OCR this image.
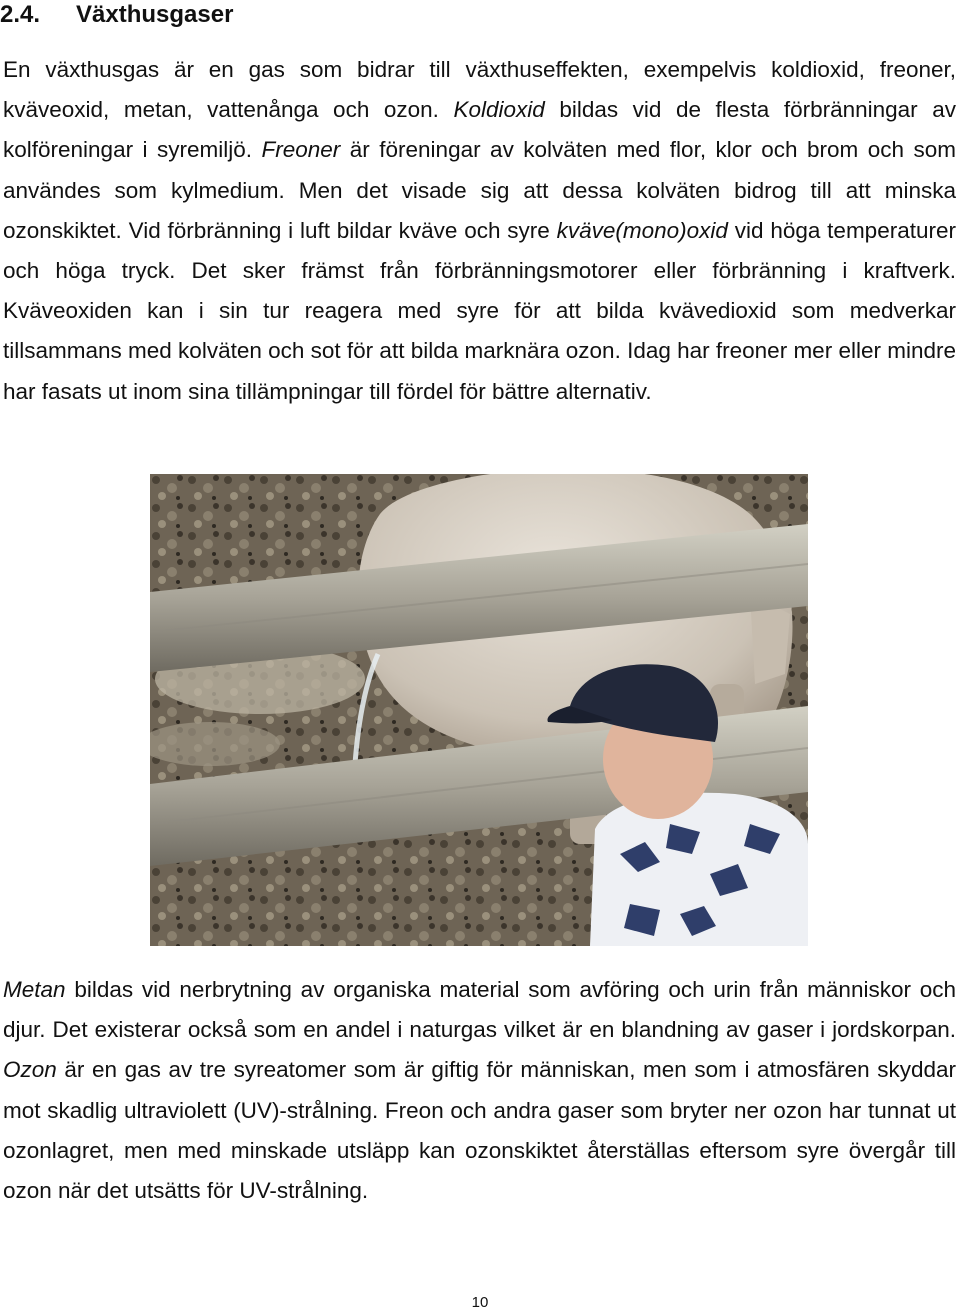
2.4. Växthusgaser

En växthusgas är en gas som bidrar till växthuseffekten, exempelvis koldioxid, freoner, kväveoxid, metan, vattenånga och ozon. Koldioxid bildas vid de flesta förbränningar av kolföreningar i syremiljö. Freoner är föreningar av kolväten med flor, klor och brom och som användes som kylmedium. Men det visade sig att dessa kolväten bidrog till att minska ozonskiktet. Vid förbränning i luft bildar kväve och syre kväve(mono)oxid vid höga temperaturer och höga tryck. Det sker främst från förbränningsmotorer eller förbränning i kraftverk. Kväveoxiden kan i sin tur reagera med syre för att bilda kvävedioxid som medverkar tillsammans med kolväten och sot för att bilda marknära ozon. Idag har freoner mer eller mindre har fasats ut inom sina tillämpningar till fördel för bättre alternativ.

Metan bildas vid nerbrytning av organiska material som avföring och urin från människor och djur. Det existerar också som en andel i naturgas vilket är en blandning av gaser i jordskorpan. Ozon är en gas av tre syreatomer som är giftig för människan, men som i atmosfären skyddar mot skadlig ultraviolett (UV)-strålning. Freon och andra gaser som bryter ner ozon har tunnat ut ozonlagret, men med minskade utsläpp kan ozonskiktet återställas eftersom syre övergår till ozon när det utsätts för UV-strålning.

10
